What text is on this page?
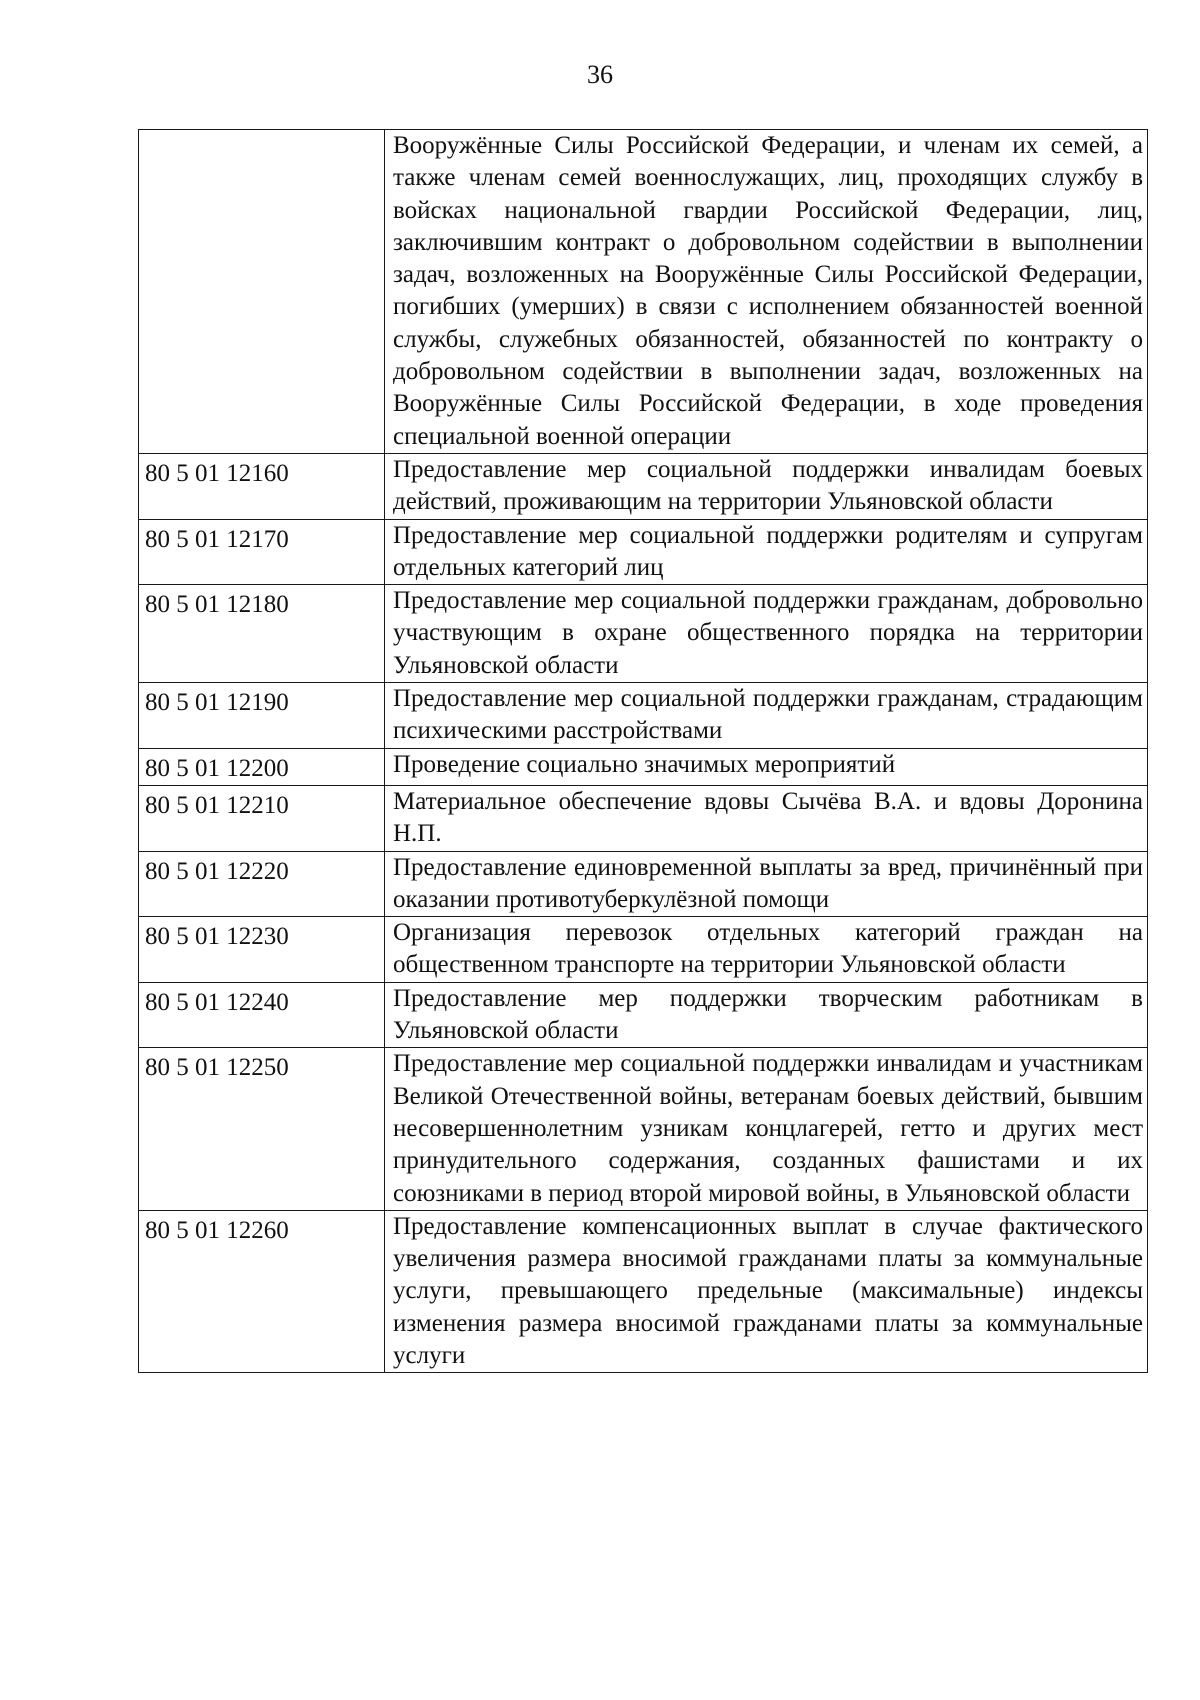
36
	Вооружённые Силы Российской Федерации, и членам их семей, а также членам семей военнослужащих, лиц, проходящих службу в войсках национальной гвардии Российской Федерации, лиц, заключившим контракт о добровольном содействии в выполнении задач, возложенных на Вооружённые Силы Российской Федерации, погибших (умерших) в связи с исполнением обязанностей военной службы, служебных обязанностей, обязанностей по контракту о добровольном содействии в выполнении задач, возложенных на Вооружённые Силы Российской Федерации, в ходе проведения специальной военной операции
80 5 01 12160	Предоставление мер социальной поддержки инвалидам боевых действий, проживающим на территории Ульяновской области
80 5 01 12170	Предоставление мер социальной поддержки родителям и супругам отдельных категорий лиц
80 5 01 12180	Предоставление мер социальной поддержки гражданам, добровольно участвующим в охране общественного порядка на территории Ульяновской области
80 5 01 12190	Предоставление мер социальной поддержки гражданам, страдающим психическими расстройствами
80 5 01 12200	Проведение социально значимых мероприятий
80 5 01 12210	Материальное обеспечение вдовы Сычёва В.А. и вдовы Доронина Н.П.
80 5 01 12220	Предоставление единовременной выплаты за вред, причинённый при оказании противотуберкулёзной помощи
80 5 01 12230	Организация перевозок отдельных категорий граждан на общественном транспорте на территории Ульяновской области
80 5 01 12240	Предоставление мер поддержки творческим работникам в Ульяновской области
80 5 01 12250	Предоставление мер социальной поддержки инвалидам и участникам Великой Отечественной войны, ветеранам боевых действий, бывшим несовершеннолетним узникам концлагерей, гетто и других мест принудительного содержания, созданных фашистами и их союзниками в период второй мировой войны, в Ульяновской области
80 5 01 12260	Предоставление компенсационных выплат в случае фактического увеличения размера вносимой гражданами платы за коммунальные услуги, превышающего предельные (максимальные) индексы изменения размера вносимой гражданами платы за коммунальные услуги
